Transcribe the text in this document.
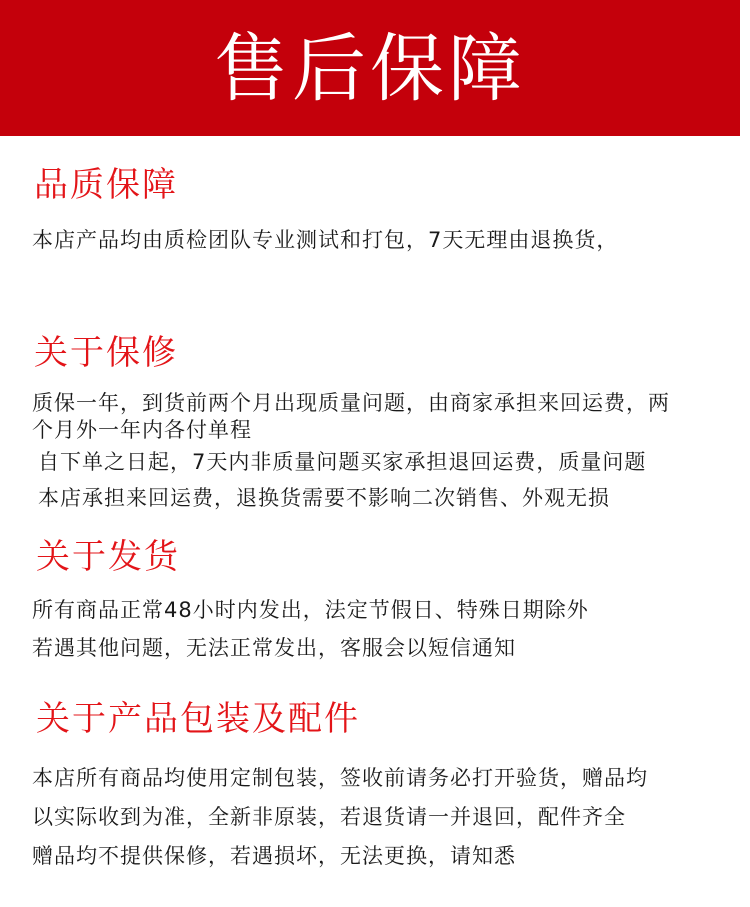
售后保障
品质保障
本店产品均由质检团队专业测试和打包，7天无理由退换货，
关于保修
质保一年，到货前两个月出现质量问题，由商家承担来回运费，两
个月外一年内各付单程
自下单之日起，7天内非质量问题买家承担退回运费，质量问题
本店承担来回运费，退换货需要不影响二次销售、外观无损
关于发货
所有商品正常48小时内发出，法定节假日、特殊日期除外
若遇其他问题，无法正常发出，客服会以短信通知
关于产品包装及配件
本店所有商品均使用定制包装，签收前请务必打开验货，赠品均
以实际收到为准，全新非原装，若退货请一并退回，配件齐全
赠品均不提供保修，若遇损坏，无法更换，请知悉
